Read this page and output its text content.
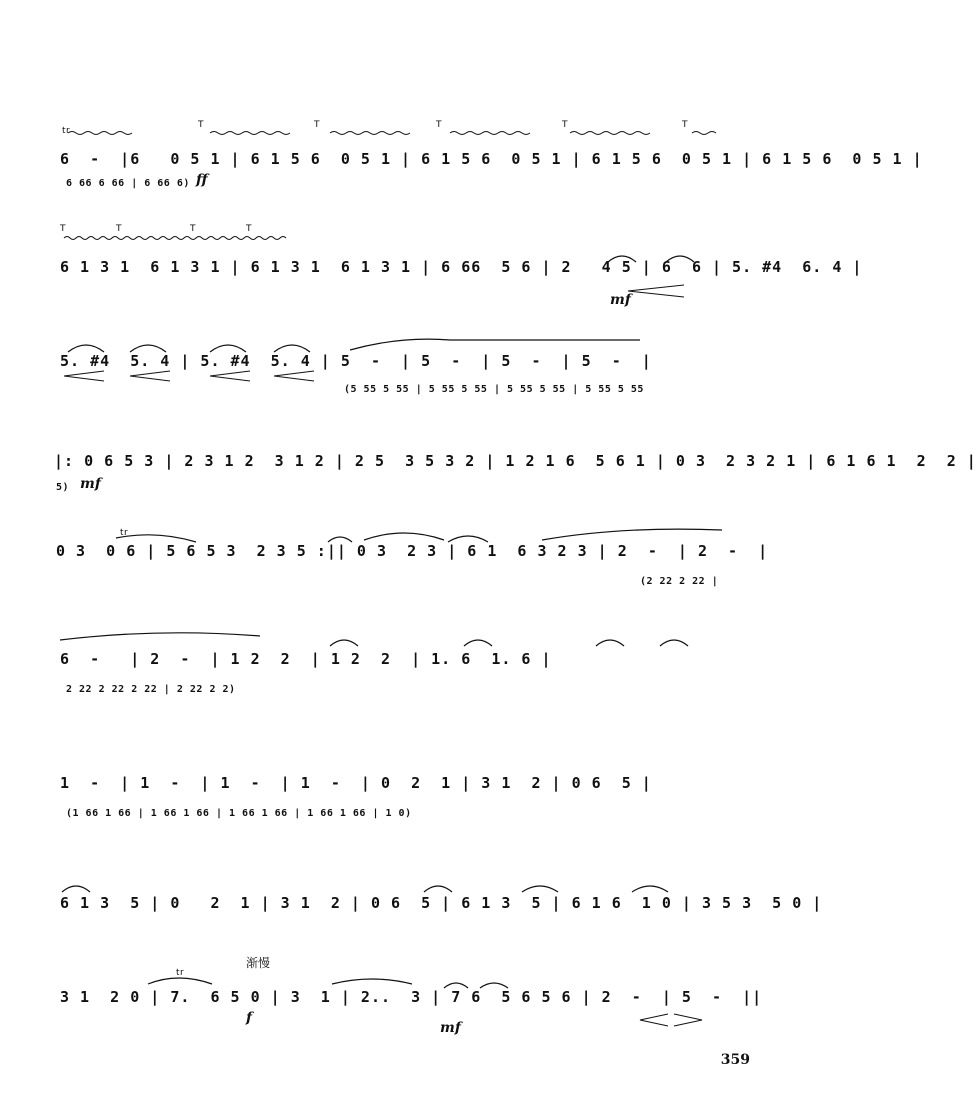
tr
T	T	T	T	T
6  -  |6   0 5 1 | 6 1 5 6  0 5 1 | 6 1 5 6  0 5 1 | 6 1 5 6  0 5 1 | 6 1 5 6  0 5 1 |
6 66 6 66 | 6 66 6) ff
T	T	T	T
6 1 3 1  6 1 3 1 | 6 1 3 1  6 1 3 1 | 6 66  5 6 | 2   4 5 | 6  6 | 5. #4  6. 4 |
mf
5. #4  5. 4 | 5. #4  5. 4 | 5  -  | 5  -  | 5  -  | 5  -  |
(5 55 5 55 | 5 55 5 55 | 5 55 5 55 | 5 55 5 55
|: 0 6 5 3 | 2 3 1 2  3 1 2 | 2 5  3 5 3 2 | 1 2 1 6  5 6 1 | 0 3  2 3 2 1 | 6 1 6 1  2  2 |
5) mf
tr
0 3  0 6 | 5 6 5 3  2 3 5 :|| 0 3  2 3 | 6 1  6 3 2 3 | 2  -  | 2  -  |
(2 22 2 22 |
6  -   | 2  -  | 1 2  2  | 1 2  2  | 1. 6  1. 6 |
2 22 2 22 2 22 | 2 22 2 2)
1  -  | 1  -  | 1  -  | 1  -  | 0  2  1 | 3 1  2 | 0 6  5 |
(1 66 1 66 | 1 66 1 66 | 1 66 1 66 | 1 66 1 66 | 1 0)
6 1 3  5 | 0   2  1 | 3 1  2 | 0 6  5 | 6 1 3  5 | 6 1 6  1 0 | 3 5 3  5 0 |
渐慢
tr
3 1  2 0 | 7.  6 5 0 | 3  1 | 2..  3 | 7 6  5 6 5 6 | 2  -  | 5  -  ||
f
mf
359
